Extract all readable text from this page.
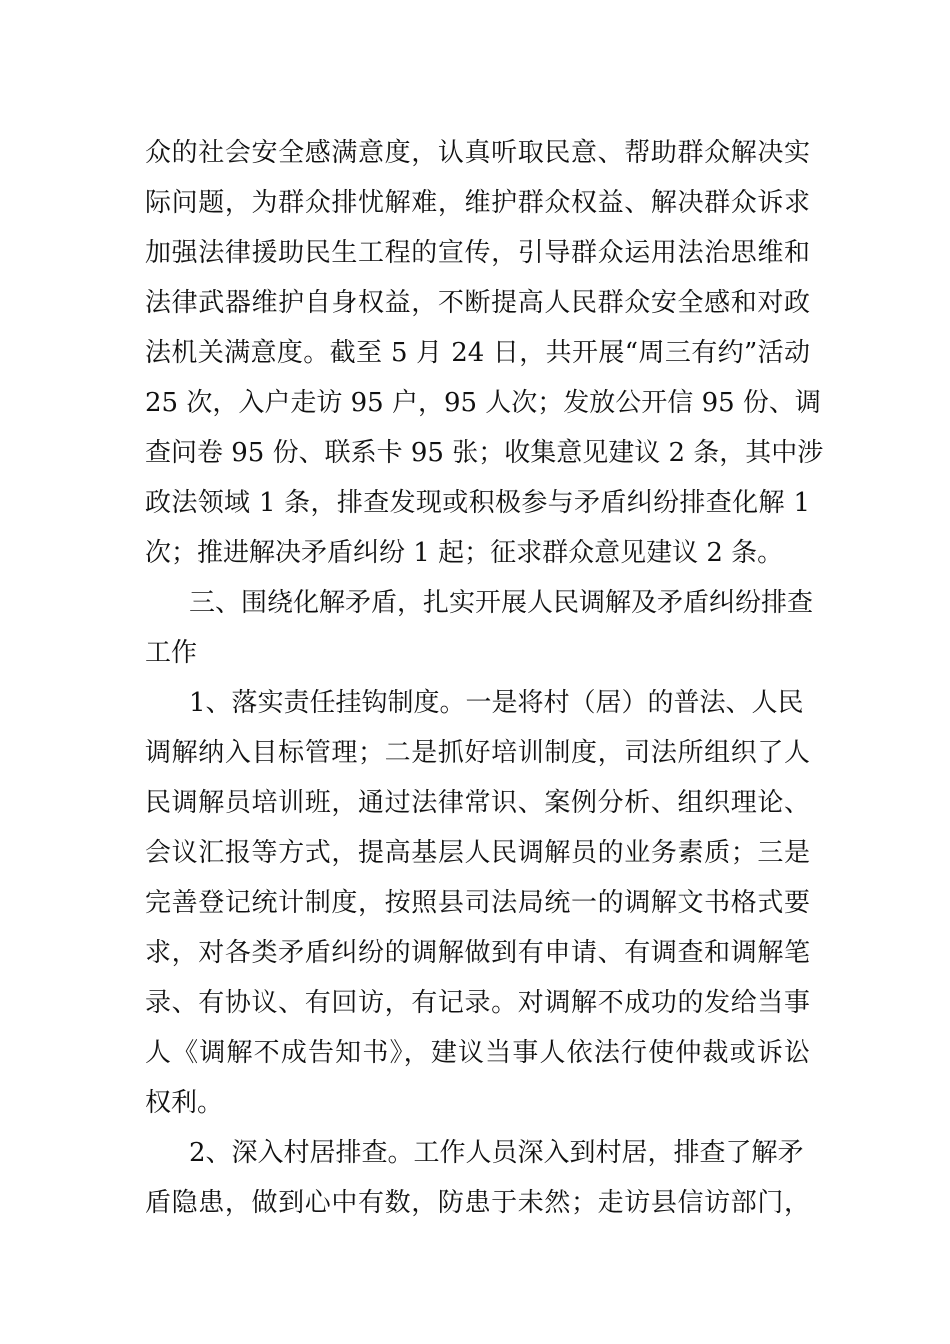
众的社会安全感满意度，认真听取民意、帮助群众解决实
际问题，为群众排忧解难，维护群众权益、解决群众诉求
加强法律援助民生工程的宣传，引导群众运用法治思维和
法律武器维护自身权益，不断提高人民群众安全感和对政
法机关满意度。截至 5 月 24 日，共开展“周三有约”活动
25 次，入户走访 95 户，95 人次；发放公开信 95 份、调
查问卷 95 份、联系卡 95 张；收集意见建议 2 条，其中涉
政法领域 1 条，排查发现或积极参与矛盾纠纷排查化解 1
次；推进解决矛盾纠纷 1 起；征求群众意见建议 2 条。
三、围绕化解矛盾，扎实开展人民调解及矛盾纠纷排查
工作
1、落实责任挂钩制度。一是将村（居）的普法、人民
调解纳入目标管理；二是抓好培训制度，司法所组织了人
民调解员培训班，通过法律常识、案例分析、组织理论、
会议汇报等方式，提高基层人民调解员的业务素质；三是
完善登记统计制度，按照县司法局统一的调解文书格式要
求，对各类矛盾纠纷的调解做到有申请、有调查和调解笔
录、有协议、有回访，有记录。对调解不成功的发给当事
人《调解不成告知书》，建议当事人依法行使仲裁或诉讼
权利。
2、深入村居排查。工作人员深入到村居，排查了解矛
盾隐患，做到心中有数，防患于未然；走访县信访部门，
